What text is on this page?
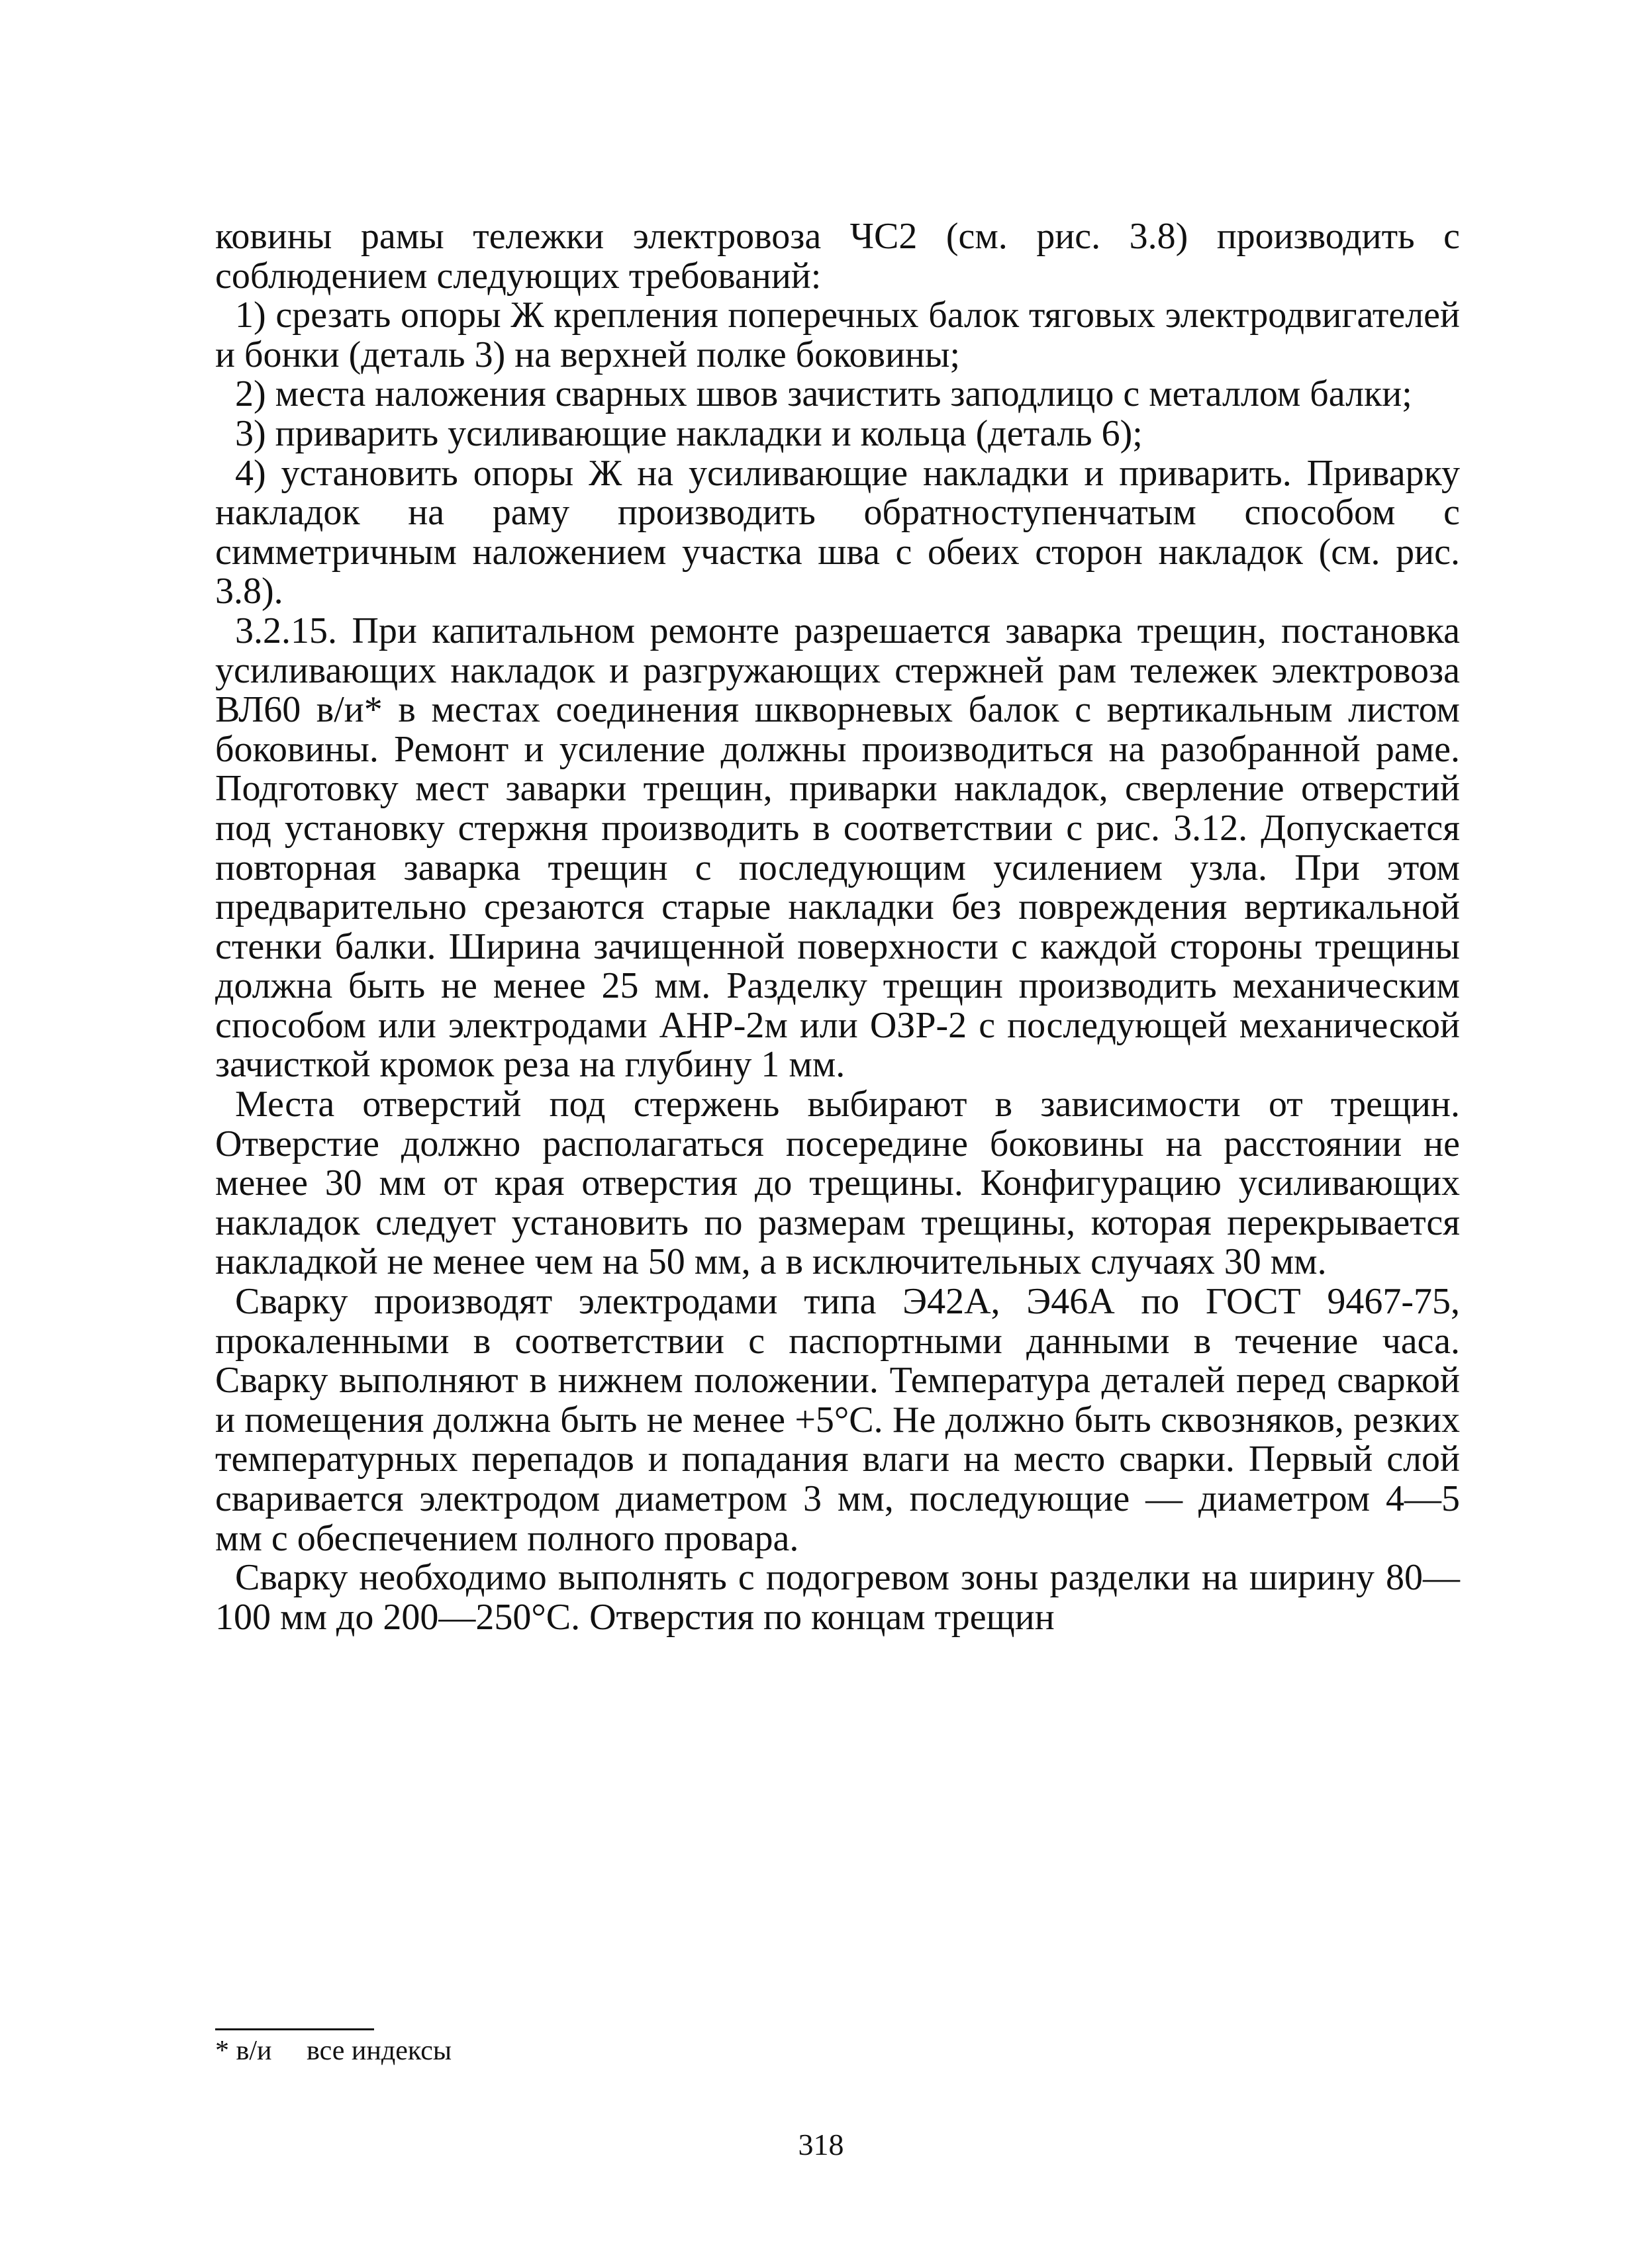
ковины рамы тележки электровоза ЧС2 (см. рис. 3.8) производить с соблюдением следующих требований:

1) срезать опоры Ж крепления поперечных балок тяговых электродвигателей и бонки (деталь 3) на верхней полке боковины;

2) места наложения сварных швов зачистить заподлицо с металлом балки;

3) приварить усиливающие накладки и кольца (деталь 6);

4) установить опоры Ж на усиливающие накладки и приварить. Приварку накладок на раму производить обратноступенчатым способом с симметричным наложением участка шва с обеих сторон накладок (см. рис. 3.8).

3.2.15. При капитальном ремонте разрешается заварка трещин, постановка усиливающих накладок и разгружающих стержней рам тележек электровоза ВЛ60 в/и* в местах соединения шкворневых балок с вертикальным листом боковины. Ремонт и усиление должны производиться на разобранной раме. Подготовку мест заварки трещин, приварки накладок, сверление отверстий под установку стержня производить в соответствии с рис. 3.12. Допускается повторная заварка трещин с последующим усилением узла. При этом предварительно срезаются старые накладки без повреждения вертикальной стенки балки. Ширина зачищенной поверхности с каждой стороны трещины должна быть не менее 25 мм. Разделку трещин производить механическим способом или электродами АНР-2м или ОЗР-2 с последующей механической зачисткой кромок реза на глубину 1 мм.

Места отверстий под стержень выбирают в зависимости от трещин. Отверстие должно располагаться посередине боковины на расстоянии не менее 30 мм от края отверстия до трещины. Конфигурацию усиливающих накладок следует установить по размерам трещины, которая перекрывается накладкой не менее чем на 50 мм, а в исключительных случаях 30 мм.

Сварку производят электродами типа Э42А, Э46А по ГОСТ 9467-75, прокаленными в соответствии с паспортными данными в течение часа. Сварку выполняют в нижнем положении. Температура деталей перед сваркой и помещения должна быть не менее +5°С. Не должно быть сквозняков, резких температурных перепадов и попадания влаги на место сварки. Первый слой сваривается электродом диаметром 3 мм, последующие — диаметром 4—5 мм с обеспечением полного провара.

Сварку необходимо выполнять с подогревом зоны разделки на ширину 80—100 мм до 200—250°С. Отверстия по концам трещин

* в/и все индексы
318
